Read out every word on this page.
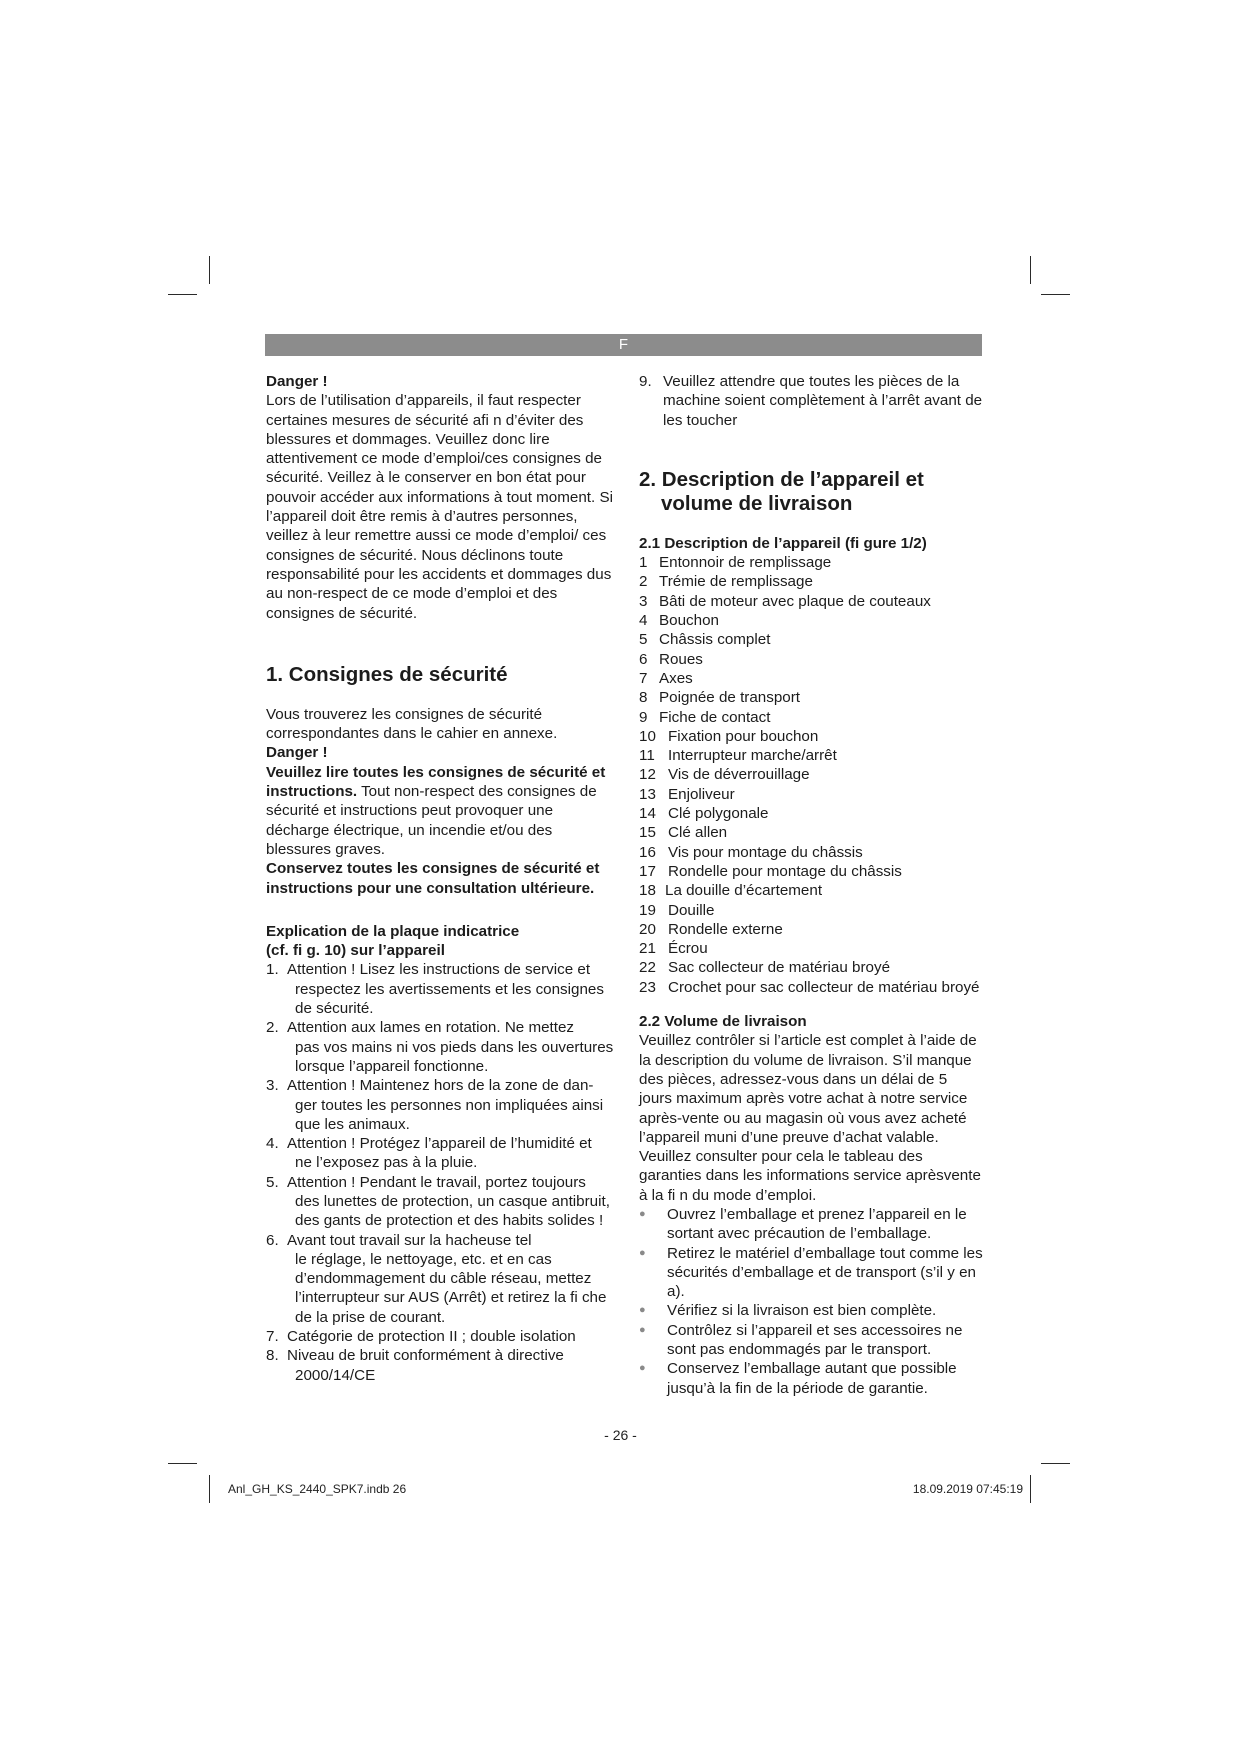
F

Danger !

Lors de l’utilisation d’appareils, il faut respecter certaines mesures de sécurité afi n d’éviter des blessures et dommages. Veuillez donc lire attentivement ce mode d’emploi/ces consignes de sécurité. Veillez à le conserver en bon état pour pouvoir accéder aux informations à tout moment. Si l’appareil doit être remis à d’autres personnes, veillez à leur remettre aussi ce mode d’emploi/ ces consignes de sécurité. Nous déclinons toute responsabilité pour les accidents et dommages dus au non-respect de ce mode d’emploi et des consignes de sécurité.

1. Consignes de sécurité

Vous trouverez les consignes de sécurité correspondantes dans le cahier en annexe.

Danger !

Veuillez lire toutes les consignes de sécurité et instructions. Tout non-respect des consignes de sécurité et instructions peut provoquer une décharge électrique, un incendie et/ou des blessures graves.

Conservez toutes les consignes de sécurité et instructions pour une consultation ultérieure.

Explication de la plaque indicatrice

(cf. fi g. 10) sur l’appareil

1. Attention ! Lisez les instructions de service et
respectez les avertissements et les consignes de sécurité.
2. Attention aux lames en rotation. Ne mettez
pas vos mains ni vos pieds dans les ouvertures lorsque l’appareil fonctionne.
3. Attention ! Maintenez hors de la zone de dan-
ger toutes les personnes non impliquées ainsi que les animaux.
4. Attention ! Protégez l’appareil de l’humidité et
ne l’exposez pas à la pluie.
5. Attention ! Pendant le travail, portez toujours
des lunettes de protection, un casque antibruit, des gants de protection et des habits solides !
6. Avant tout travail sur la hacheuse tel
le réglage, le nettoyage, etc. et en cas d’endommagement du câble réseau, mettez l’interrupteur sur AUS (Arrêt) et retirez la fi che de la prise de courant.
7. Catégorie de protection II ; double isolation
8. Niveau de bruit conformément à directive
2000/14/CE
9. Veuillez attendre que toutes les pièces de la machine soient complètement à l’arrêt avant de les toucher

2. Description de l’appareil et

volume de livraison

2.1 Description de l’appareil (fi gure 1/2)

1 Entonnoir de remplissage
2 Trémie de remplissage
3 Bâti de moteur avec plaque de couteaux
4 Bouchon
5 Châssis complet
6 Roues
7 Axes
8 Poignée de transport
9 Fiche de contact
10 Fixation pour bouchon
11 Interrupteur marche/arrêt
12 Vis de déverrouillage
13 Enjoliveur
14 Clé polygonale
15 Clé allen
16 Vis pour montage du châssis
17 Rondelle pour montage du châssis
18 La douille d’écartement
19 Douille
20 Rondelle externe
21 Écrou
22 Sac collecteur de matériau broyé
23 Crochet pour sac collecteur de matériau broyé

2.2 Volume de livraison

Veuillez contrôler si l’article est complet à l’aide de la description du volume de livraison. S’il manque des pièces, adressez-vous dans un délai de 5 jours maximum après votre achat à notre service après-vente ou au magasin où vous avez acheté l’appareil muni d’une preuve d’achat valable. Veuillez consulter pour cela le tableau des garanties dans les informations service aprèsvente à la fi n du mode d’emploi.

●	Ouvrez l’emballage et prenez l’appareil en le sortant avec précaution de l’emballage.
●	Retirez le matériel d’emballage tout comme les sécurités d’emballage et de transport (s’il y en a).
●	Vérifiez si la livraison est bien complète.
●	Contrôlez si l’appareil et ses accessoires ne sont pas endommagés par le transport.
●	Conservez l’emballage autant que possible jusqu’à la fin de la période de garantie.
- 26 -
Anl_GH_KS_2440_SPK7.indb 26	18.09.2019 07:45:19
